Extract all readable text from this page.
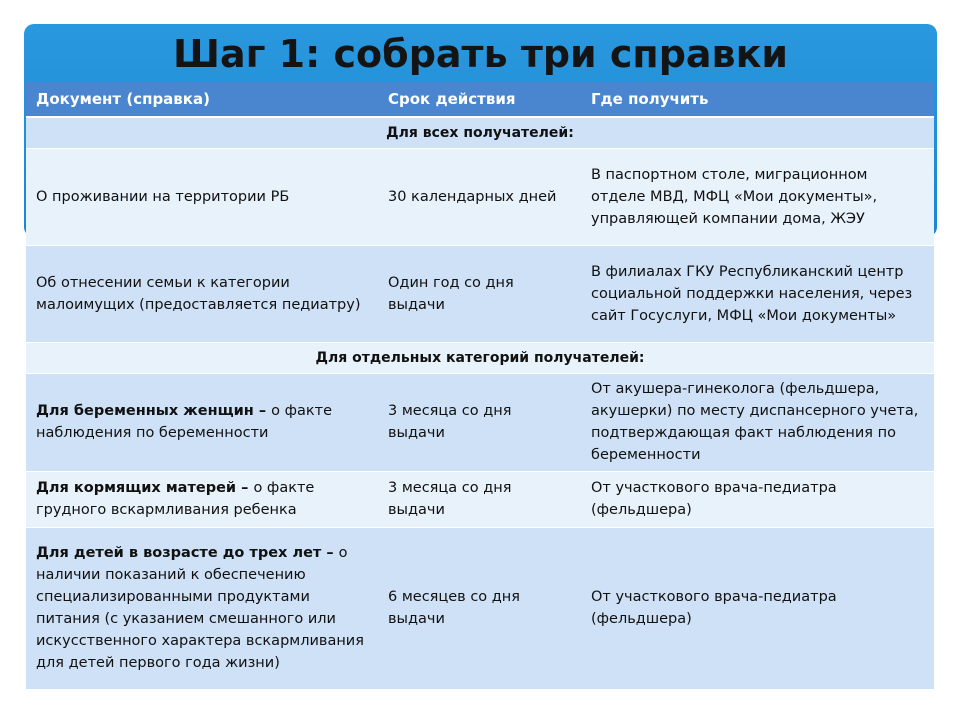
Шаг 1: собрать три справки
Документ (справка)	Срок действия	Где получить
Для всех получателей:		
О проживании на территории РБ	30 календарных дней	В паспортном столе, миграционном отделе МВД, МФЦ «Мои документы», управляющей компании дома, ЖЭУ
Об отнесении семьи к категории малоимущих (предоставляется педиатру)	Один год со дня выдачи	В филиалах ГКУ Республиканский центр социальной поддержки населения, через сайт Госуслуги, МФЦ «Мои документы»
Для отдельных категорий получателей:		
Для беременных женщин – о факте наблюдения по беременности	3 месяца со дня выдачи	От акушера-гинеколога (фельдшера, акушерки) по месту диспансерного учета, подтверждающая факт наблюдения по беременности
Для кормящих матерей – о факте грудного вскармливания ребенка	3 месяца со дня выдачи	От участкового врача-педиатра (фельдшера)
Для детей в возрасте до трех лет – о наличии показаний к обеспечению специализированными продуктами питания (с указанием смешанного или искусственного характера вскармливания для детей первого года жизни)	6 месяцев со дня выдачи	От участкового врача-педиатра (фельдшера)
